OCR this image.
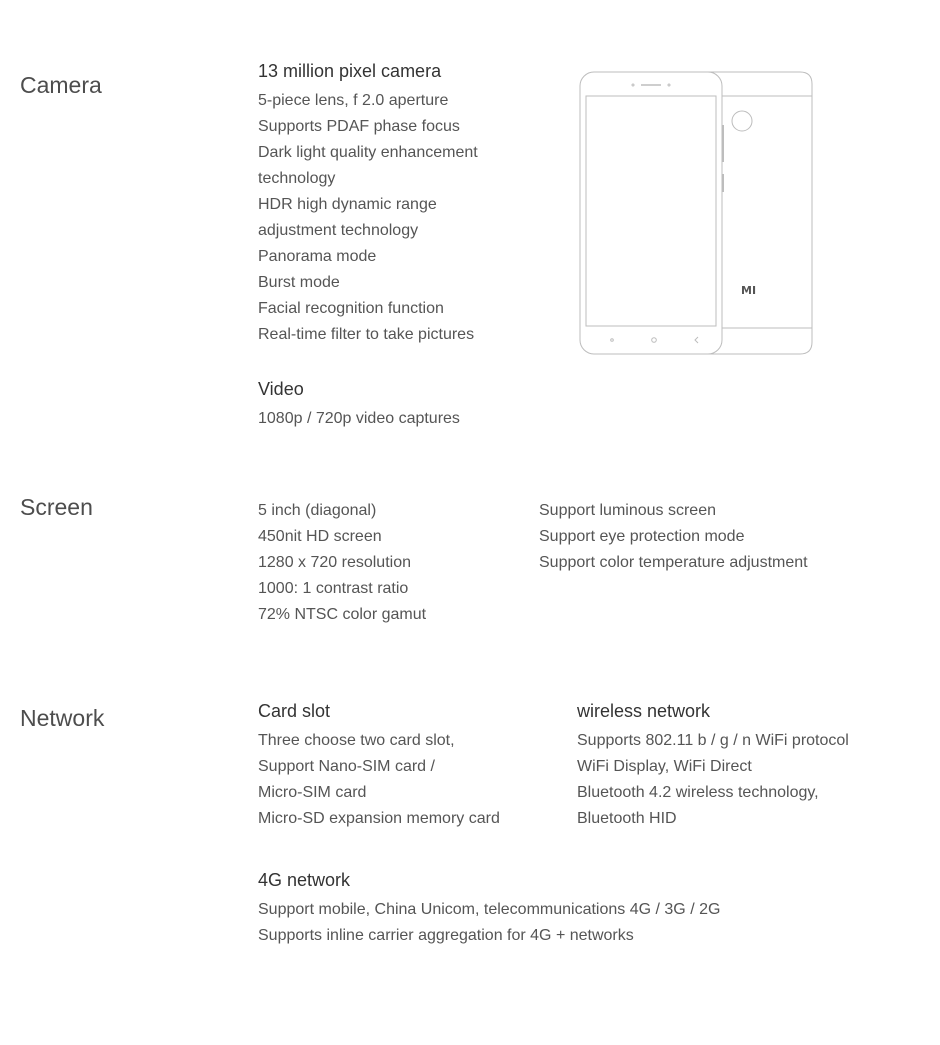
Camera
13 million pixel camera
5-piece lens, f 2.0 aperture
Supports PDAF phase focus
Dark light quality enhancement
technology
HDR high dynamic range
adjustment technology
Panorama mode
Burst mode
Facial recognition function
Real-time filter to take pictures
Video
1080p / 720p video captures
MI
Screen	5 inch (diagonal)
450nit HD screen
1280 x 720 resolution
1000: 1 contrast ratio
72% NTSC color gamut
Support luminous screen
Support eye protection mode
Support color temperature adjustment
Network	Card slot
Three choose two card slot,
Support Nano-SIM card /
Micro-SIM card
Micro-SD expansion memory card
wireless network
Supports 802.11 b / g / n WiFi protocol
WiFi Display, WiFi Direct
Bluetooth 4.2 wireless technology,
Bluetooth HID
4G network
Support mobile, China Unicom, telecommunications 4G / 3G / 2G
Supports inline carrier aggregation for 4G + networks
